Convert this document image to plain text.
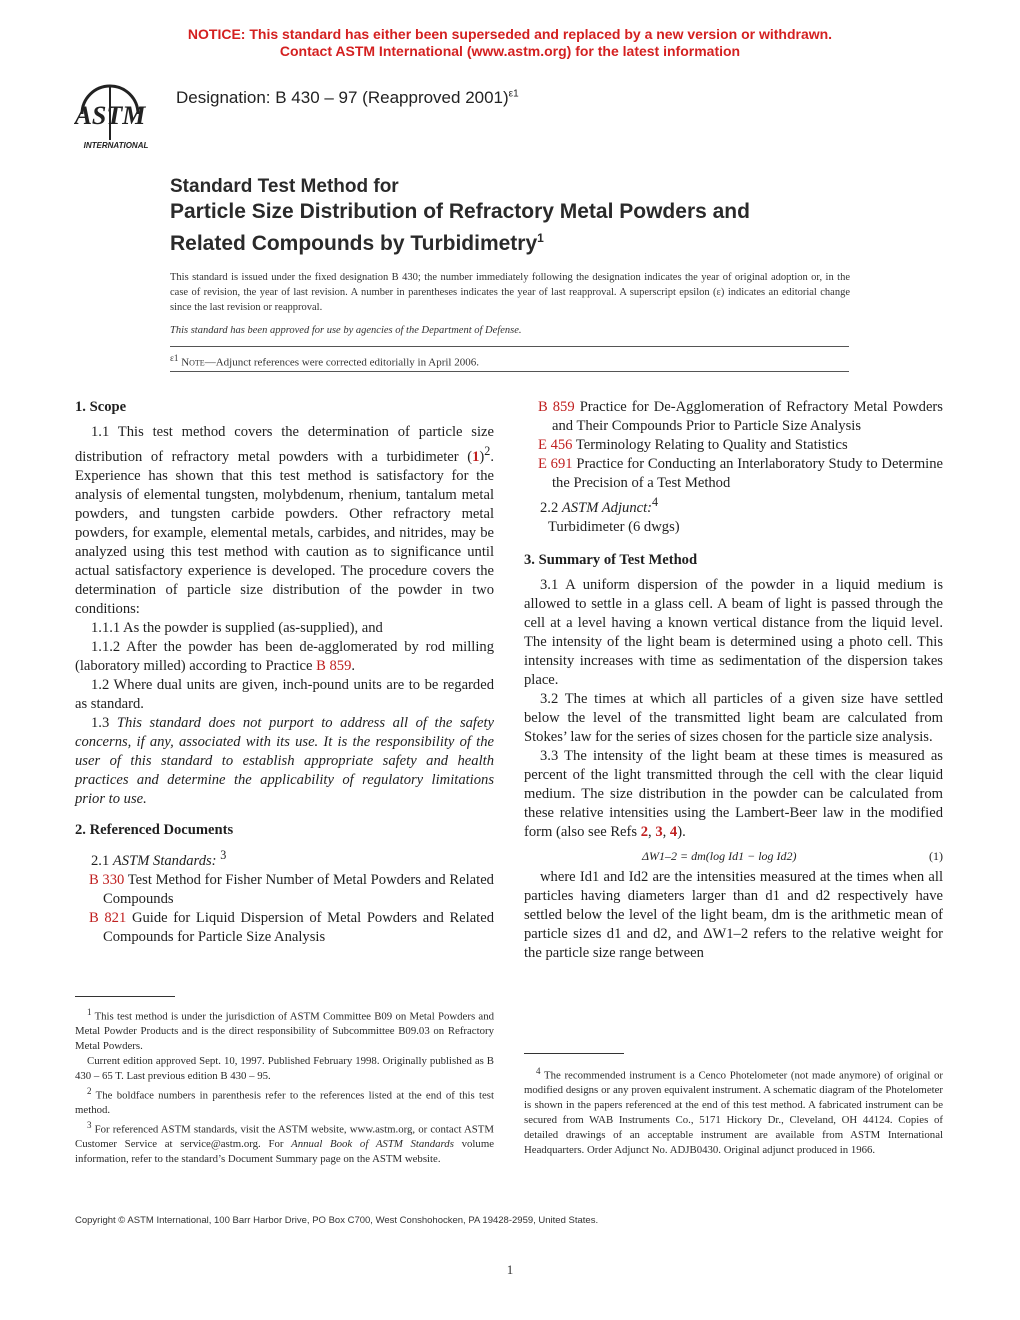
NOTICE: This standard has either been superseded and replaced by a new version or withdrawn.
Contact ASTM International (www.astm.org) for the latest information
ASTM
INTERNATIONAL
Designation: B 430 – 97 (Reapproved 2001)$^{\varepsilon 1}$
Standard Test Method for
Particle Size Distribution of Refractory Metal Powders and
Related Compounds by Turbidimetry$^1$
This standard is issued under the fixed designation B 430; the number immediately following the designation indicates the year of original adoption or, in the case of revision, the year of last revision. A number in parentheses indicates the year of last reapproval. A superscript epsilon (ε) indicates an editorial change since the last revision or reapproval.
This standard has been approved for use by agencies of the Department of Defense.
$^{\varepsilon 1}$ Note—Adjunct references were corrected editorially in April 2006.
1. Scope

1.1 This test method covers the determination of particle size distribution of refractory metal powders with a turbidimeter $(1)^2$. Experience has shown that this test method is satisfactory for the analysis of elemental tungsten, molybdenum, rhenium, tantalum metal powders, and tungsten carbide powders. Other refractory metal powders, for example, elemental metals, carbides, and nitrides, may be analyzed using this test method with caution as to significance until actual satisfactory experience is developed. The procedure covers the determination of particle size distribution of the powder in two conditions:

1.1.1 As the powder is supplied (as-supplied), and

1.1.2 After the powder has been de-agglomerated by rod milling (laboratory milled) according to Practice B 859.

1.2 Where dual units are given, inch-pound units are to be regarded as standard.

1.3 This standard does not purport to address all of the safety concerns, if any, associated with its use. It is the responsibility of the user of this standard to establish appropriate safety and health practices and determine the applicability of regulatory limitations prior to use.

2. Referenced Documents

2.1 ASTM Standards: $^3$

B 330 Test Method for Fisher Number of Metal Powders and Related Compounds

B 821 Guide for Liquid Dispersion of Metal Powders and Related Compounds for Particle Size Analysis

$^1$ This test method is under the jurisdiction of ASTM Committee B09 on Metal Powders and Metal Powder Products and is the direct responsibility of Subcommittee B09.03 on Refractory Metal Powders.

Current edition approved Sept. 10, 1997. Published February 1998. Originally published as B 430 – 65 T. Last previous edition B 430 – 95.

$^2$ The boldface numbers in parenthesis refer to the references listed at the end of this test method.

$^3$ For referenced ASTM standards, visit the ASTM website, www.astm.org, or contact ASTM Customer Service at service@astm.org. For Annual Book of ASTM Standards volume information, refer to the standard’s Document Summary page on the ASTM website.

B 859 Practice for De-Agglomeration of Refractory Metal Powders and Their Compounds Prior to Particle Size Analysis

E 456 Terminology Relating to Quality and Statistics

E 691 Practice for Conducting an Interlaboratory Study to Determine the Precision of a Test Method

2.2 ASTM Adjunct:$^4$

Turbidimeter (6 dwgs)

3. Summary of Test Method

3.1 A uniform dispersion of the powder in a liquid medium is allowed to settle in a glass cell. A beam of light is passed through the cell at a level having a known vertical distance from the liquid level. The intensity of the light beam is determined using a photo cell. This intensity increases with time as sedimentation of the dispersion takes place.

3.2 The times at which all particles of a given size have settled below the level of the transmitted light beam are calculated from Stokes’ law for the series of sizes chosen for the particle size analysis.

3.3 The intensity of the light beam at these times is measured as percent of the light transmitted through the cell with the clear liquid medium. The size distribution in the powder can be calculated from these relative intensities using the Lambert-Beer law in the modified form (also see Refs 2, 3, 4).

ΔW1–2 = dm(log Id1 − log Id2)	(1)

where Id1 and Id2 are the intensities measured at the times when all particles having diameters larger than d1 and d2 respectively have settled below the level of the light beam, dm is the arithmetic mean of particle sizes d1 and d2, and ΔW1–2 refers to the relative weight for the particle size range between

$^4$ The recommended instrument is a Cenco Photelometer (not made anymore) of original or modified designs or any proven equivalent instrument. A schematic diagram of the Photelometer is shown in the papers referenced at the end of this test method. A fabricated instrument can be secured from WAB Instruments Co., 5171 Hickory Dr., Cleveland, OH 44124. Copies of detailed drawings of an acceptable instrument are available from ASTM International Headquarters. Order Adjunct No. ADJB0430. Original adjunct produced in 1966.

Copyright © ASTM International, 100 Barr Harbor Drive, PO Box C700, West Conshohocken, PA 19428-2959, United States.
1
